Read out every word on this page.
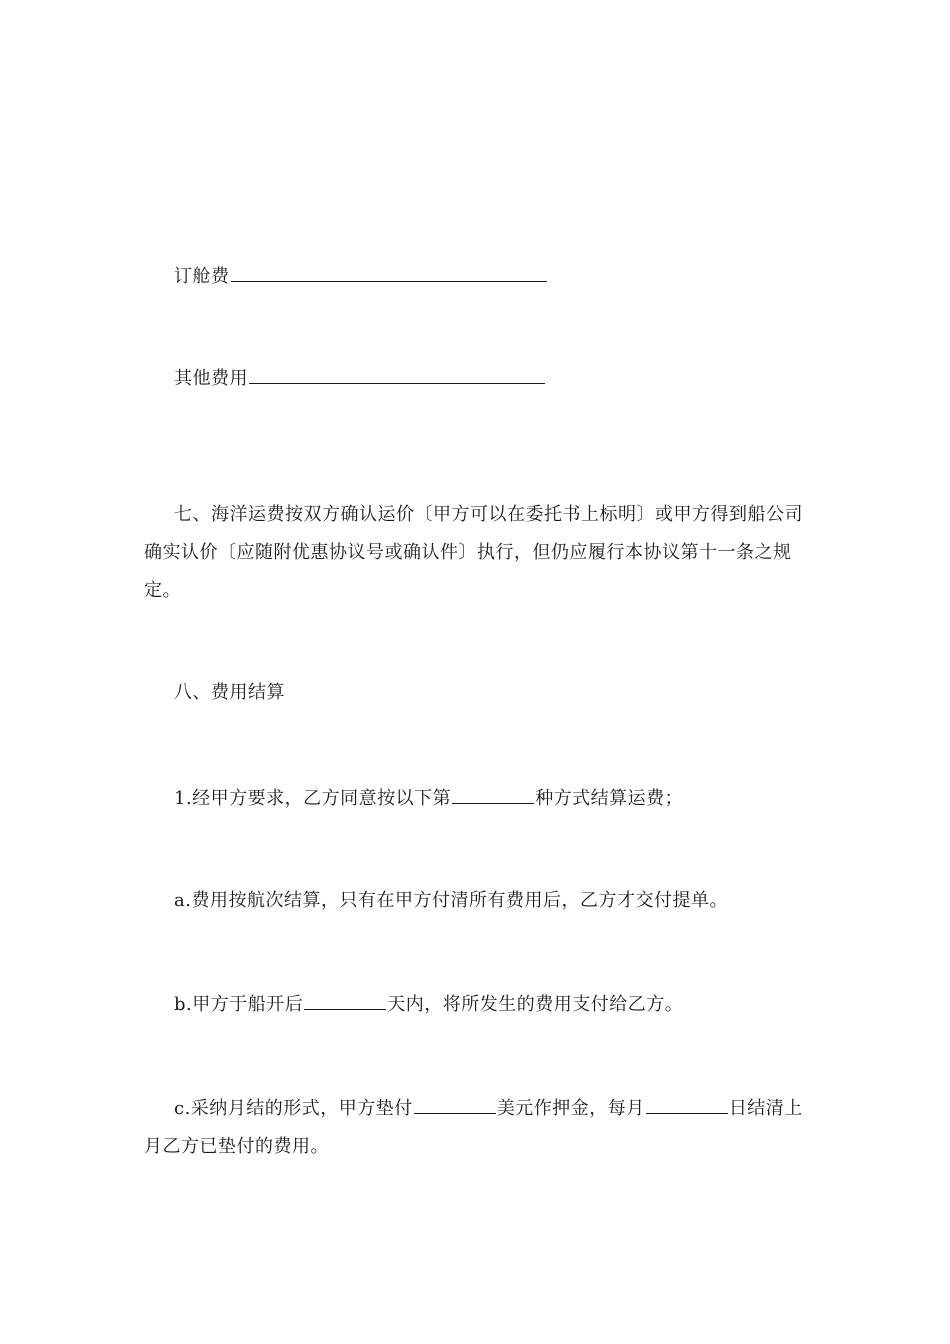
订舱费

其他费用

七、海洋运费按双方确认运价〔甲方可以在委托书上标明〕或甲方得到船公司确实认价〔应随附优惠协议号或确认件〕执行，但仍应履行本协议第十一条之规定。

八、费用结算

1.经甲方要求，乙方同意按以下第	种方式结算运费；

a.费用按航次结算，只有在甲方付清所有费用后，乙方才交付提单。

b.甲方于船开后	天内，将所发生的费用支付给乙方。

c.采纳月结的形式，甲方垫付	美元作押金，每月	日结清上月乙方已垫付的费用。
